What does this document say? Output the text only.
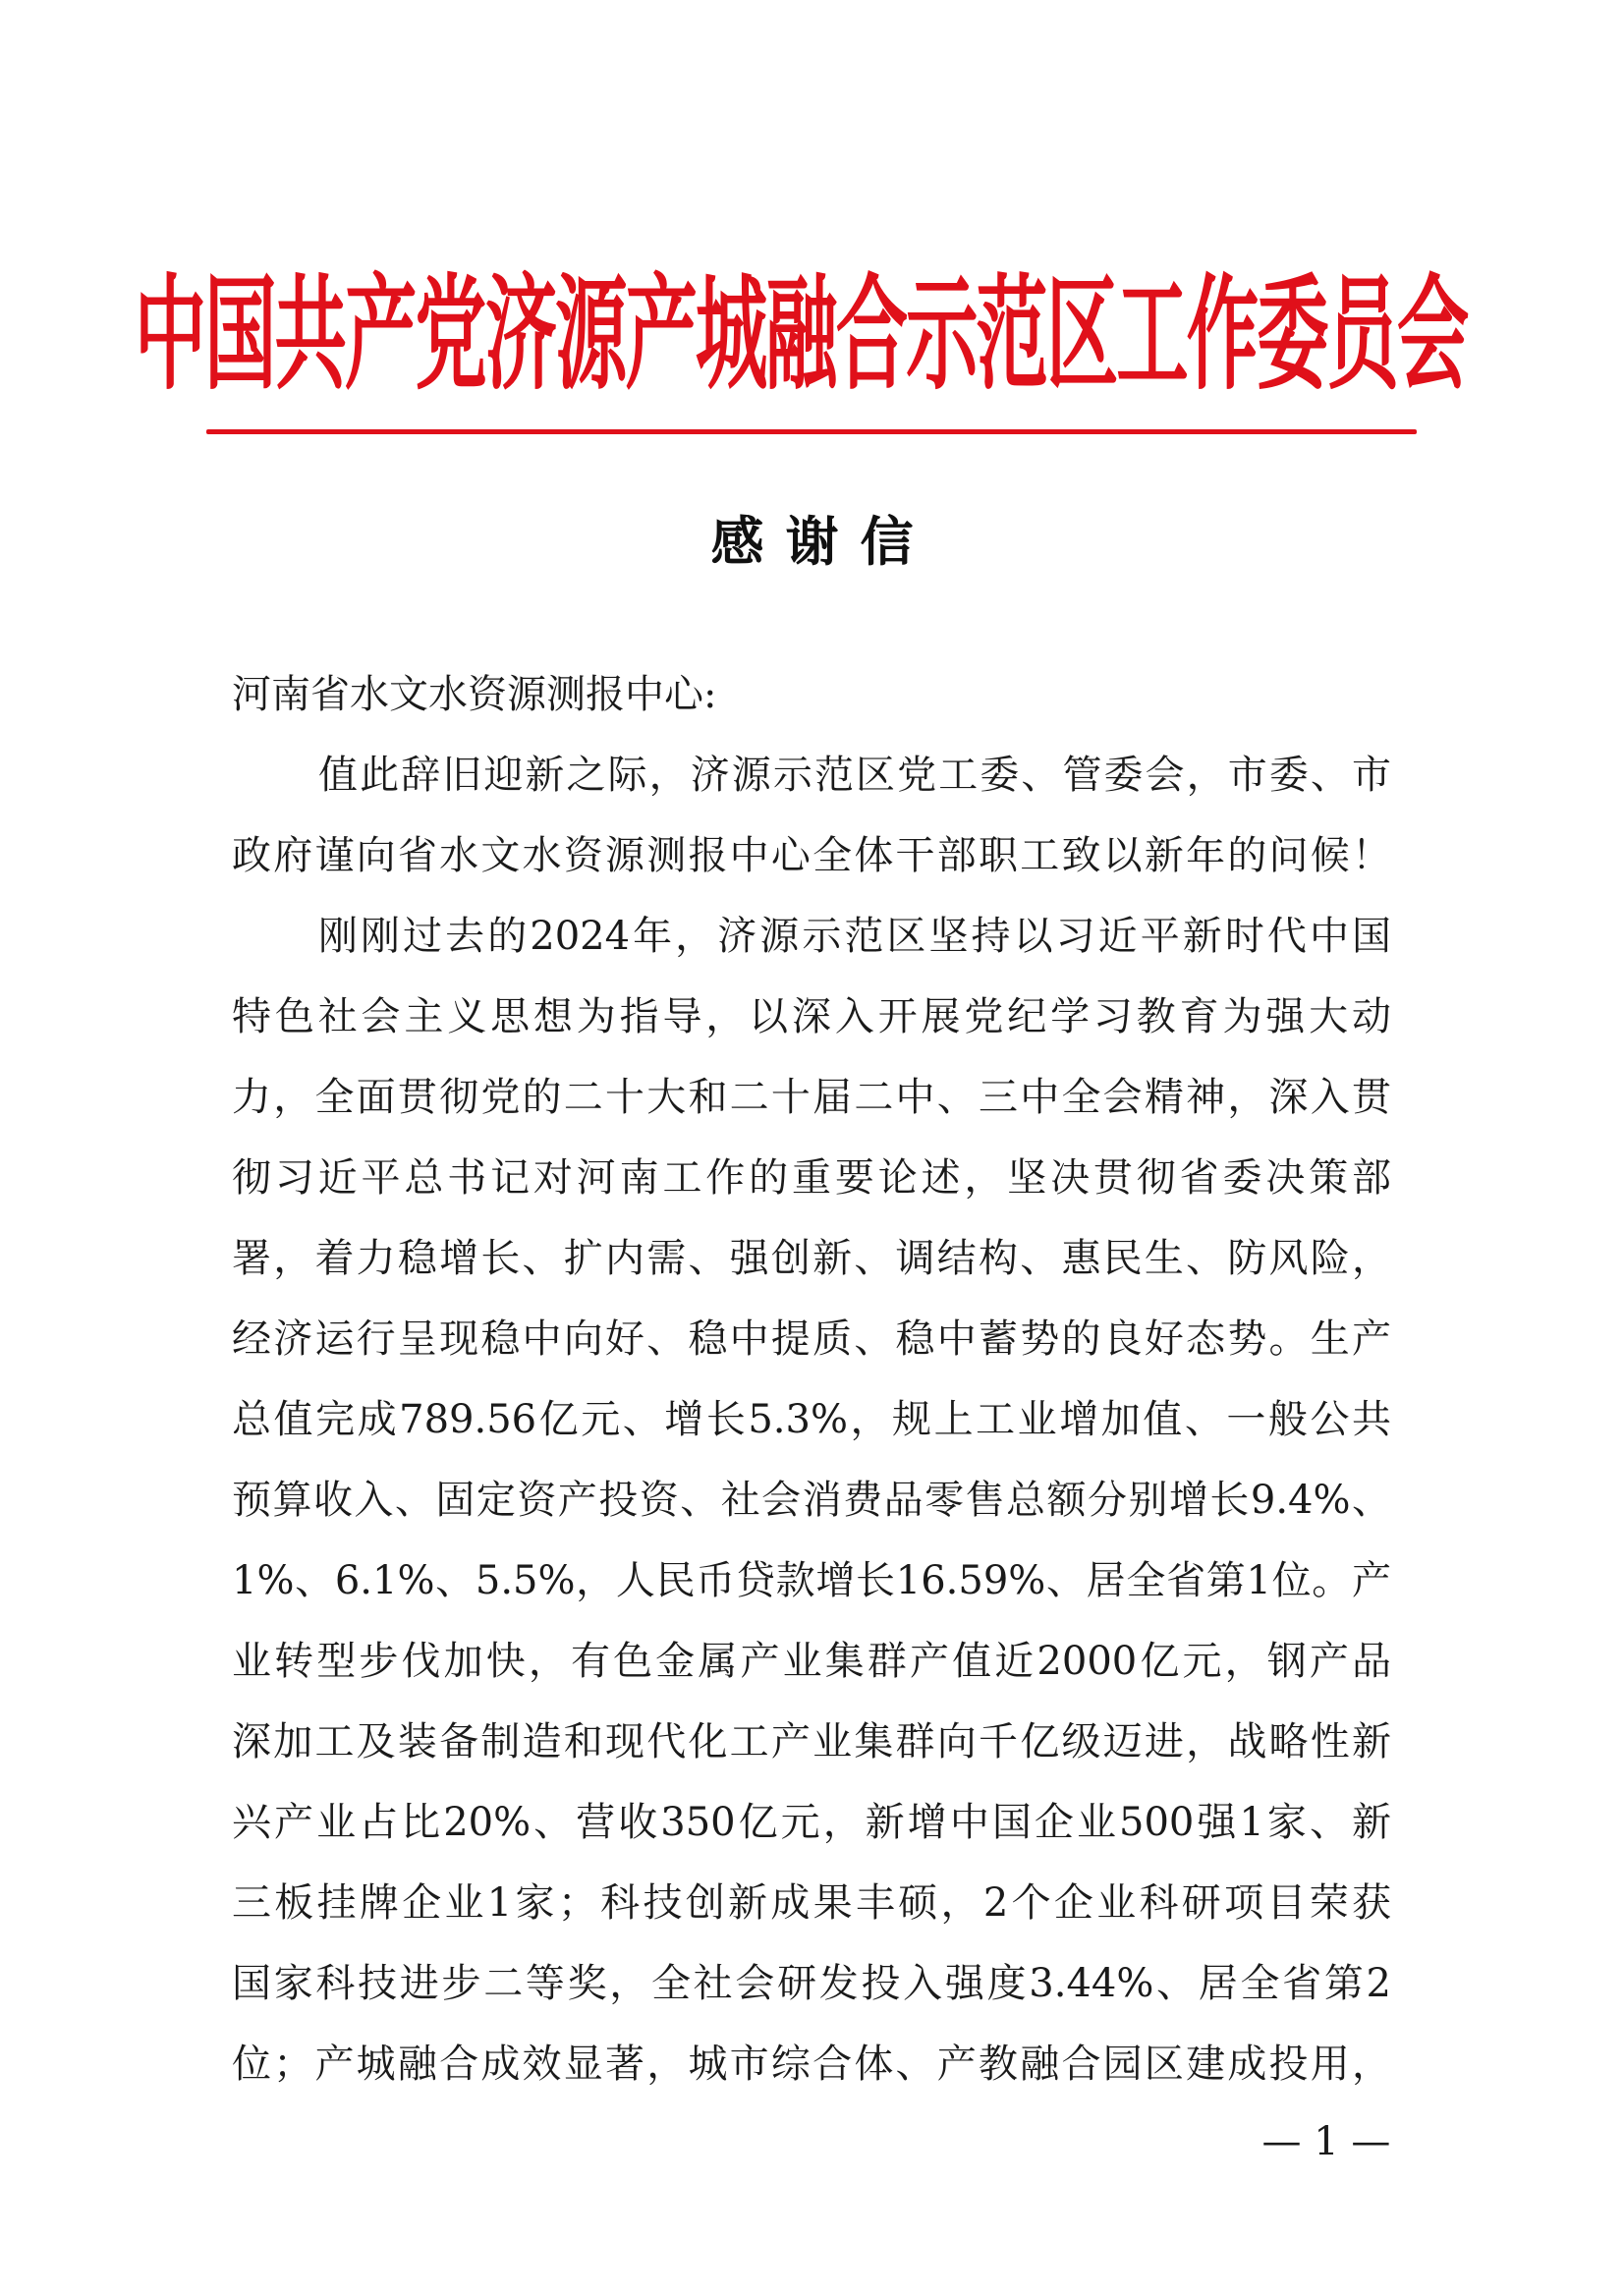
中国共产党济源产城融合示范区工作委员会
感谢信
河南省水文水资源测报中心:
值此辞旧迎新之际，济源示范区党工委、管委会，市委、市
政府谨向省水文水资源测报中心全体干部职工致以新年的问候！
刚刚过去的2024年，济源示范区坚持以习近平新时代中国
特色社会主义思想为指导，以深入开展党纪学习教育为强大动
力，全面贯彻党的二十大和二十届二中、三中全会精神，深入贯
彻习近平总书记对河南工作的重要论述，坚决贯彻省委决策部
署，着力稳增长、扩内需、强创新、调结构、惠民生、防风险，
经济运行呈现稳中向好、稳中提质、稳中蓄势的良好态势。生产
总值完成789.56亿元、增长5.3%，规上工业增加值、一般公共
预算收入、固定资产投资、社会消费品零售总额分别增长9.4%、
1%、6.1%、5.5%，人民币贷款增长16.59%、居全省第1位。产
业转型步伐加快，有色金属产业集群产值近2000亿元，钢产品
深加工及装备制造和现代化工产业集群向千亿级迈进，战略性新
兴产业占比20%、营收350亿元，新增中国企业500强1家、新
三板挂牌企业1家；科技创新成果丰硕，2个企业科研项目荣获
国家科技进步二等奖，全社会研发投入强度3.44%、居全省第2
位；产城融合成效显著，城市综合体、产教融合园区建成投用，
— 1 —
